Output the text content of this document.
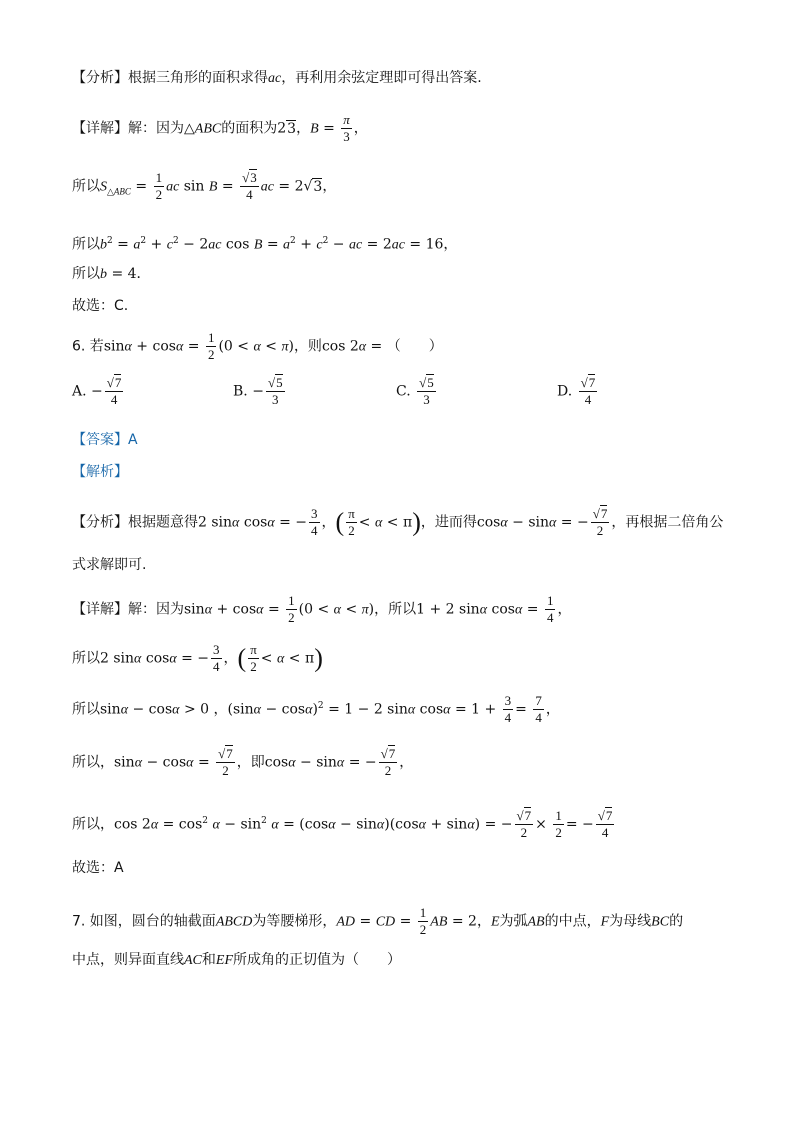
【分析】根据三角形的面积求得ac，再利用余弦定理即可得出答案.
【详解】解：因为△ABC的面积为23，$B = \frac{\pi}{3}$ ，
所以$S_{\triangle ABC} = \frac{1}{2}$ ac $\sin B = \frac{√3}{4}$ ac = 2√3，
所以$b^2 = a^2 + c^2 - 2ac$ $\cos B = a^2 + c^2$ − ac = 2ac = 16，
所以b = 4．
故选：C.
6. 若$\sin\alpha + \cos\alpha = \frac{1}{2} (0 < \alpha < \pi)$，则cos 2α = （　　）
A. − $\frac{√7}{4}$	B. − $\frac{√5}{3}$	C. $\frac{√5}{3}$	D. $\frac{√7}{4}$
【答案】A
【解析】
【分析】根据题意得2 sinα cosα = − $\frac{3}{4}$ ，( $\frac{\pi}{2} < \alpha < \pi$)，进而得cosα − sinα = − $\frac{√7}{2}$ ，再根据二倍角公
式求解即可.
【详解】解：因为$\sin\alpha + \cos\alpha = \frac{1}{2} (0 < \alpha < \pi)$，所以1 + 2 sinα $\cos\alpha = \frac{1}{4}$ ，
所以2 sinα cosα = − $\frac{3}{4}$ ，( $\frac{\pi}{2} < \alpha < \pi$)
所以sinα − cosα > 0 ，$(\sin\alpha - \cos\alpha)^2 = 1 - 2$ sinα $\cos\alpha = 1 + \frac{3}{4} = \frac{7}{4}$ ，
所以，$\sin\alpha - \cos\alpha = \frac{√7}{2}$ ，即cosα − sinα = − $\frac{√7}{2}$ ，
所以，$\cos 2\alpha = \cos^2 \alpha - \sin^2 \alpha = (\cos\alpha - \sin\alpha)(\cos\alpha + \sin\alpha)$ = − $\frac{√7}{2} \times \frac{1}{2}$ = − $\frac{√7}{4}$
故选：A
7. 如图，圆台的轴截面ABCD为等腰梯形，AD = CD = $\frac{1}{2}$ AB = 2，E为弧AB的中点，F为母线BC的
中点，则异面直线AC和EF所成角的正切值为（　　）
